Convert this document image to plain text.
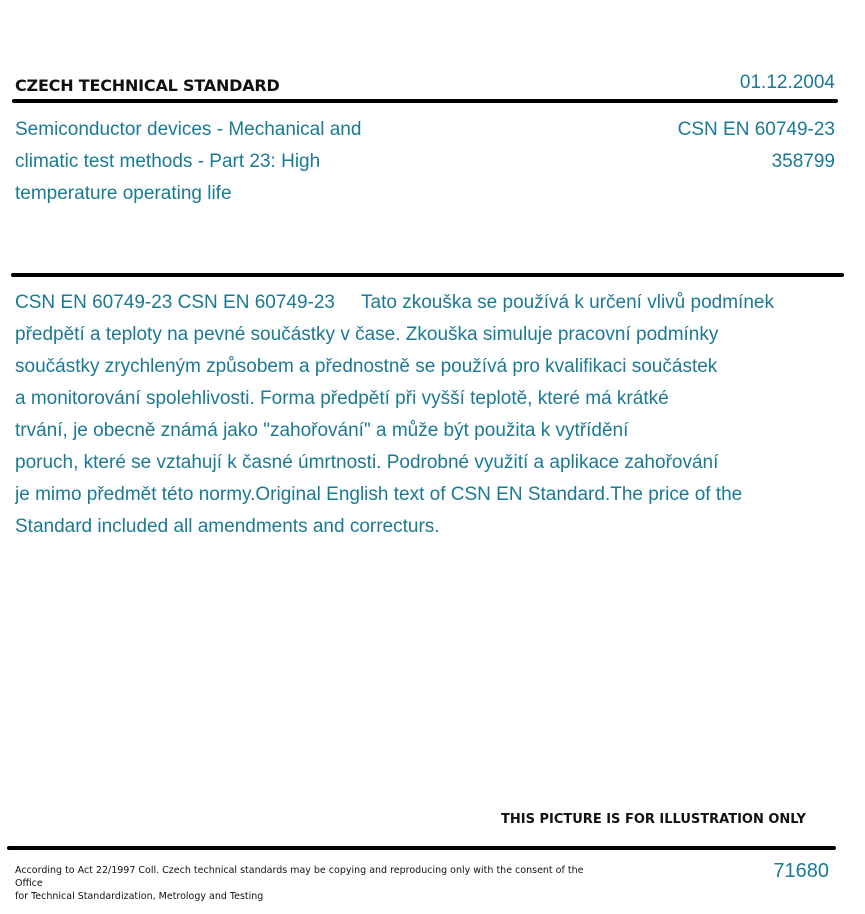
CZECH TECHNICAL STANDARD	01.12.2004
Semiconductor devices - Mechanical and
climatic test methods - Part 23: High
temperature operating life
CSN EN 60749-23
358799
CSN EN 60749-23 CSN EN 60749-23 Tato zkouška se používá k určení vlivů podmínek
předpětí a teploty na pevné součástky v čase. Zkouška simuluje pracovní podmínky
součástky zrychleným způsobem a přednostně se používá pro kvalifikaci součástek
a monitorování spolehlivosti. Forma předpětí při vyšší teplotě, které má krátké
trvání, je obecně známá jako "zahořování" a může být použita k vytřídění
poruch, které se vztahují k časné úmrtnosti. Podrobné využití a aplikace zahořování
je mimo předmět této normy.Original English text of CSN EN Standard.The price of the
Standard included all amendments and correcturs.
THIS PICTURE IS FOR ILLUSTRATION ONLY
According to Act 22/1997 Coll. Czech technical standards may be copying and reproducing only with the consent of the Office
for Technical Standardization, Metrology and Testing
71680
